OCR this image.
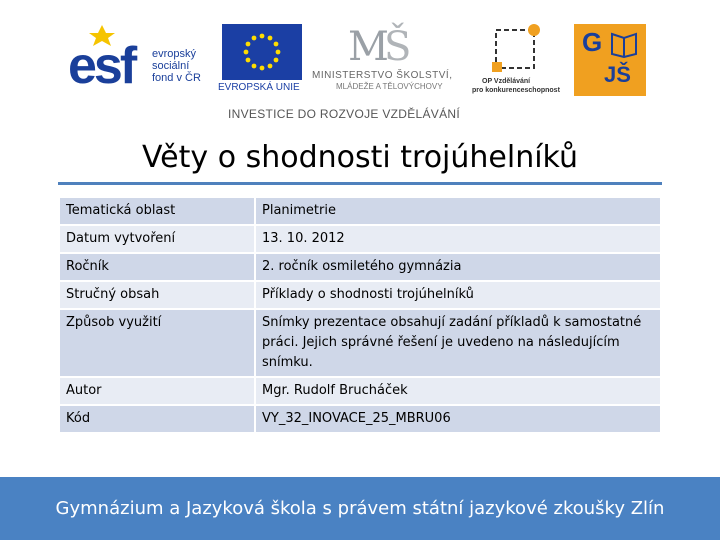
esf evropský
sociální
fond v ČR
EVROPSKÁ UNIE
M
Š
MINISTERSTVO ŠKOLSTVÍ,
MLÁDEŽE A TĚLOVÝCHOVY
OP Vzdělávání
pro konkurenceschopnost
G
JŠ
INVESTICE DO ROZVOJE VZDĚLÁVÁNÍ
Věty o shodnosti trojúhelníků
Tematická oblast	Planimetrie
Datum vytvoření	13. 10. 2012
Ročník	2. ročník osmiletého gymnázia
Stručný obsah	Příklady o shodnosti trojúhelníků
Způsob využití	Snímky prezentace obsahují zadání příkladů k samostatné práci. Jejich správné řešení je uvedeno na následujícím snímku.
Autor	Mgr. Rudolf Brucháček
Kód	VY_32_INOVACE_25_MBRU06
Gymnázium a Jazyková škola s právem státní jazykové zkoušky Zlín
